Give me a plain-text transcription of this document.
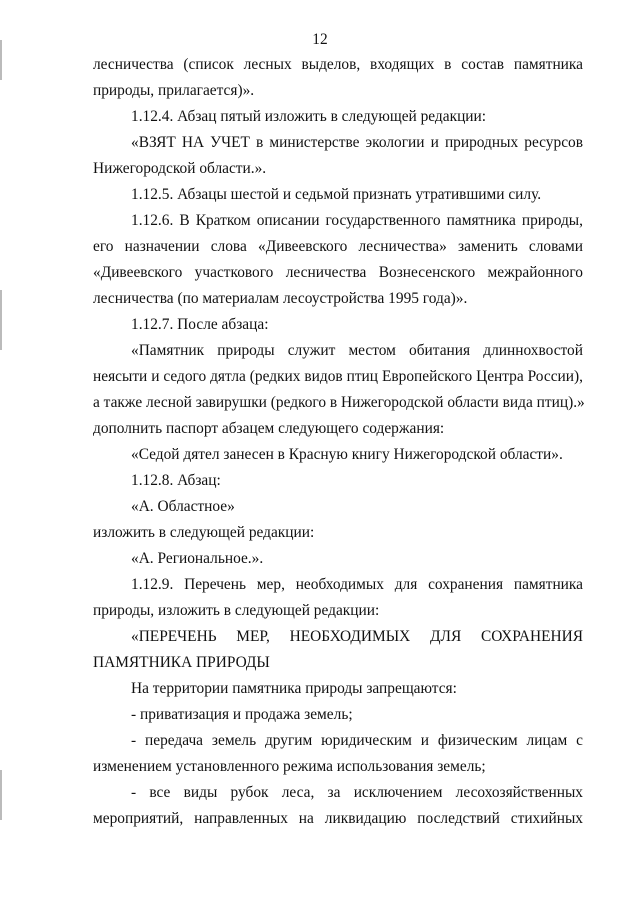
12
лесничества (список лесных выделов, входящих в состав памятника
природы, прилагается)».
1.12.4. Абзац пятый изложить в следующей редакции:
«ВЗЯТ НА УЧЕТ в министерстве экологии и природных ресурсов
Нижегородской области.».
1.12.5. Абзацы шестой и седьмой признать утратившими силу.
1.12.6. В Кратком описании государственного памятника природы,
его назначении слова «Дивеевского лесничества» заменить словами
«Дивеевского участкового лесничества Вознесенского межрайонного
лесничества (по материалам лесоустройства 1995 года)».
1.12.7. После абзаца:
«Памятник природы служит местом обитания длиннохвостой
неясыти и седого дятла (редких видов птиц Европейского Центра России),
а также лесной завирушки (редкого в Нижегородской области вида птиц).»
дополнить паспорт абзацем следующего содержания:
«Седой дятел занесен в Красную книгу Нижегородской области».
1.12.8. Абзац:
«А. Областное»
изложить в следующей редакции:
«А. Региональное.».
1.12.9. Перечень мер, необходимых для сохранения памятника
природы, изложить в следующей редакции:
«ПЕРЕЧЕНЬ МЕР, НЕОБХОДИМЫХ ДЛЯ СОХРАНЕНИЯ
ПАМЯТНИКА ПРИРОДЫ
На территории памятника природы запрещаются:
- приватизация и продажа земель;
- передача земель другим юридическим и физическим лицам с
изменением установленного режима использования земель;
- все виды рубок леса, за исключением лесохозяйственных
мероприятий, направленных на ликвидацию последствий стихийных
